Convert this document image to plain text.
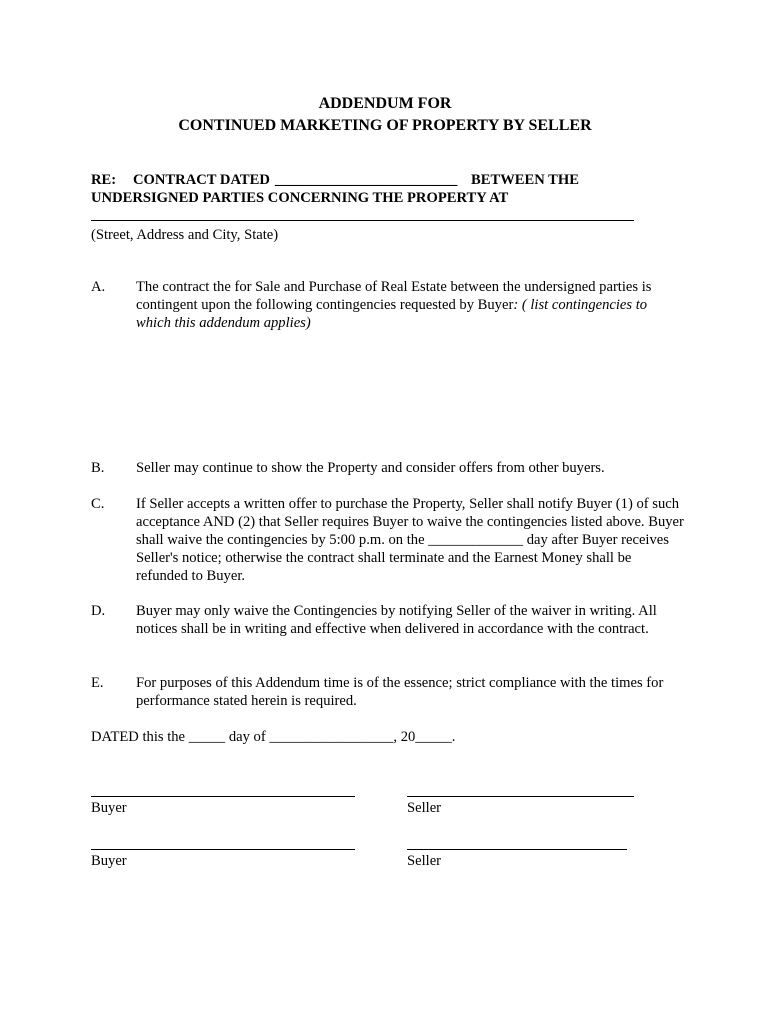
ADDENDUM FOR
CONTINUED MARKETING OF PROPERTY BY SELLER
RE: CONTRACT DATED _________________________ BETWEEN THE
UNDERSIGNED PARTIES CONCERNING THE PROPERTY AT
(Street, Address and City, State)
A. The contract the for Sale and Purchase of Real Estate between the undersigned parties is contingent upon the following contingencies requested by Buyer: ( list contingencies to which this addendum applies)
B. Seller may continue to show the Property and consider offers from other buyers.
C. If Seller accepts a written offer to purchase the Property, Seller shall notify Buyer (1) of such acceptance AND (2) that Seller requires Buyer to waive the contingencies listed above. Buyer shall waive the contingencies by 5:00 p.m. on the _____________ day after Buyer receives Seller's notice; otherwise the contract shall terminate and the Earnest Money shall be refunded to Buyer.
D. Buyer may only waive the Contingencies by notifying Seller of the waiver in writing. All notices shall be in writing and effective when delivered in accordance with the contract.
E. For purposes of this Addendum time is of the essence; strict compliance with the times for performance stated herein is required.
DATED this the _____ day of _________________, 20_____.
Buyer	Seller
Buyer	Seller
